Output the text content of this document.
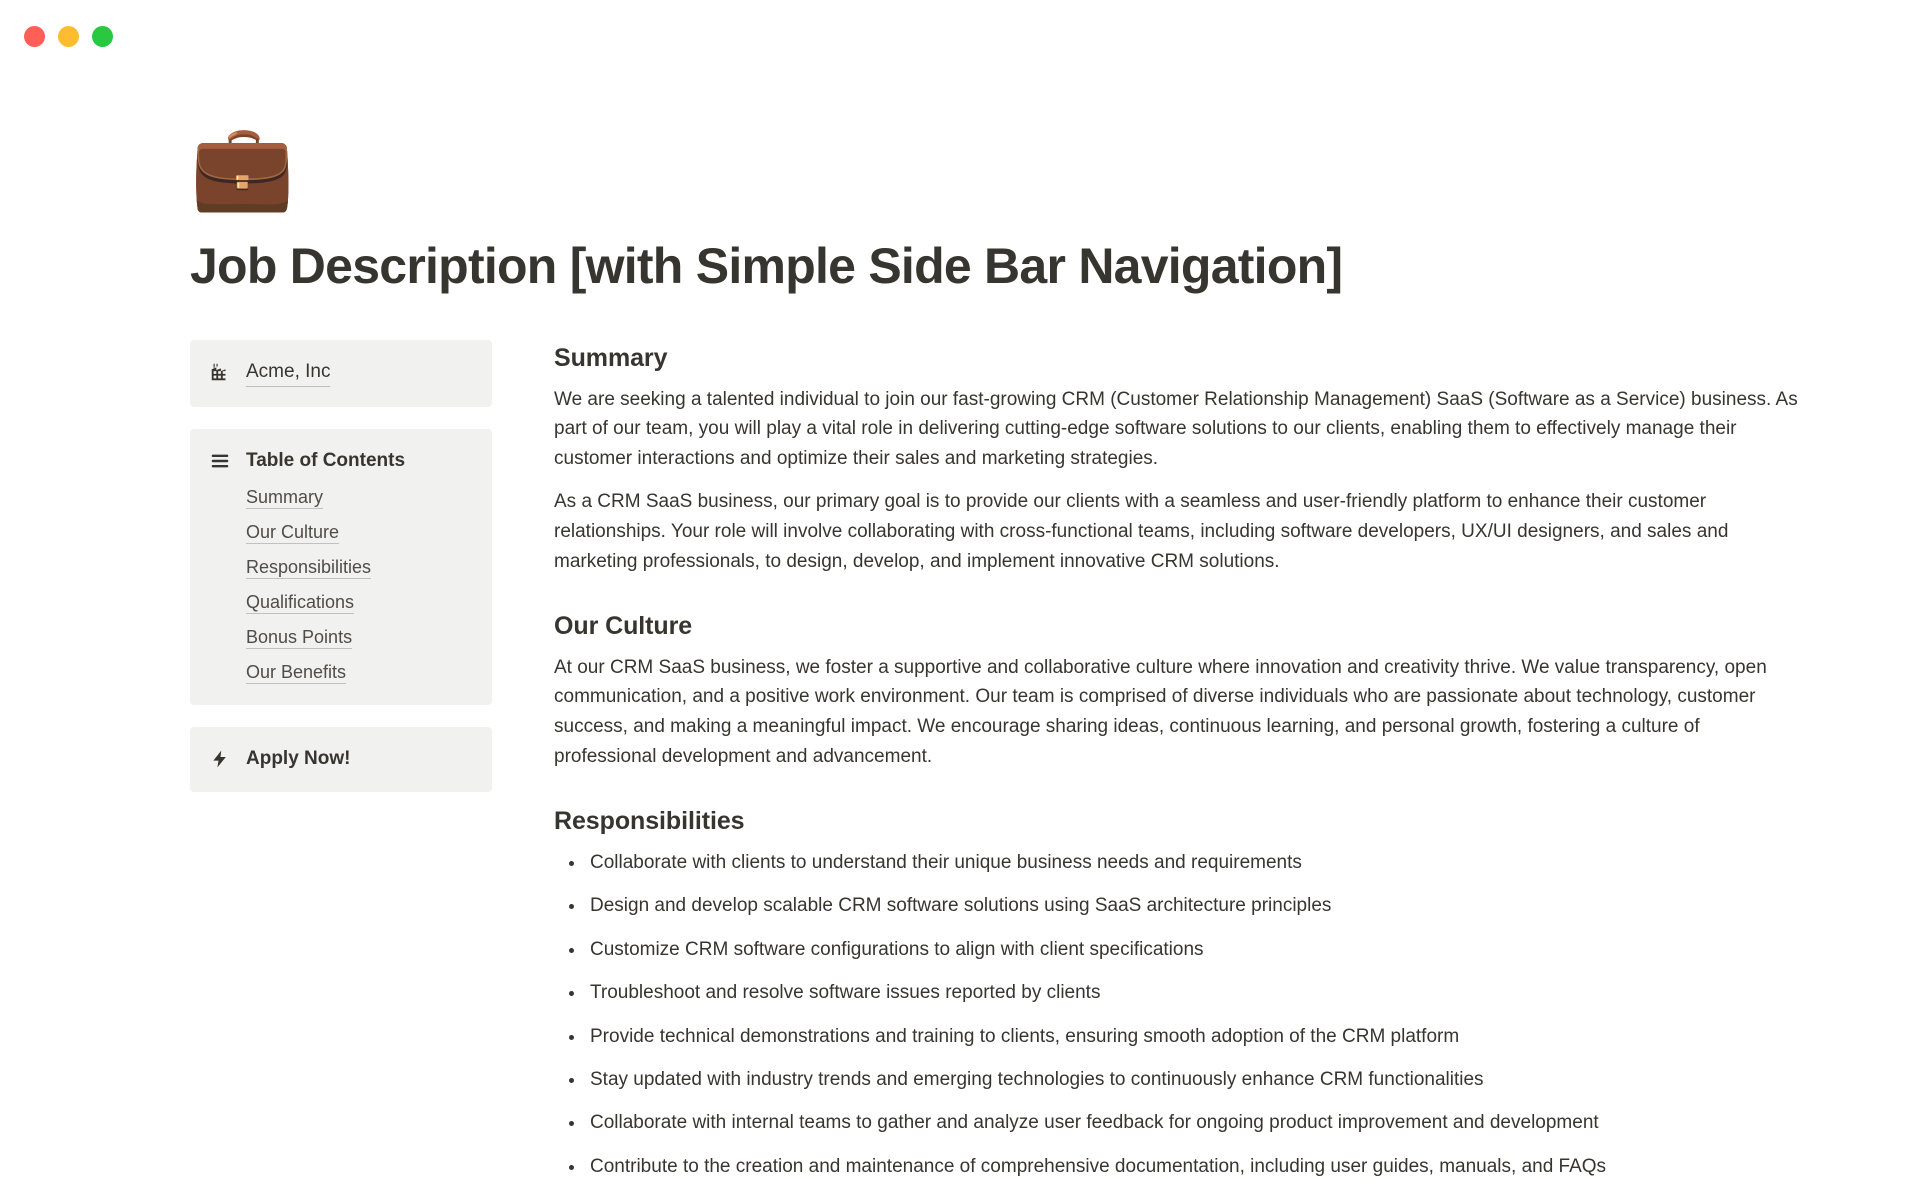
💼
Job Description [with Simple Side Bar Navigation]
Acme, Inc
Table of Contents
Summary
Our Culture
Responsibilities
Qualifications
Bonus Points
Our Benefits
Apply Now!
Summary

We are seeking a talented individual to join our fast-growing CRM (Customer Relationship Management) SaaS (Software as a Service) business. As part of our team, you will play a vital role in delivering cutting-edge software solutions to our clients, enabling them to effectively manage their customer interactions and optimize their sales and marketing strategies.

As a CRM SaaS business, our primary goal is to provide our clients with a seamless and user-friendly platform to enhance their customer relationships. Your role will involve collaborating with cross-functional teams, including software developers, UX/UI designers, and sales and marketing professionals, to design, develop, and implement innovative CRM solutions.

Our Culture

At our CRM SaaS business, we foster a supportive and collaborative culture where innovation and creativity thrive. We value transparency, open communication, and a positive work environment. Our team is comprised of diverse individuals who are passionate about technology, customer success, and making a meaningful impact. We encourage sharing ideas, continuous learning, and personal growth, fostering a culture of professional development and advancement.

Responsibilities
• Collaborate with clients to understand their unique business needs and requirements
• Design and develop scalable CRM software solutions using SaaS architecture principles
• Customize CRM software configurations to align with client specifications
• Troubleshoot and resolve software issues reported by clients
• Provide technical demonstrations and training to clients, ensuring smooth adoption of the CRM platform
• Stay updated with industry trends and emerging technologies to continuously enhance CRM functionalities
• Collaborate with internal teams to gather and analyze user feedback for ongoing product improvement and development
• Contribute to the creation and maintenance of comprehensive documentation, including user guides, manuals, and FAQs
